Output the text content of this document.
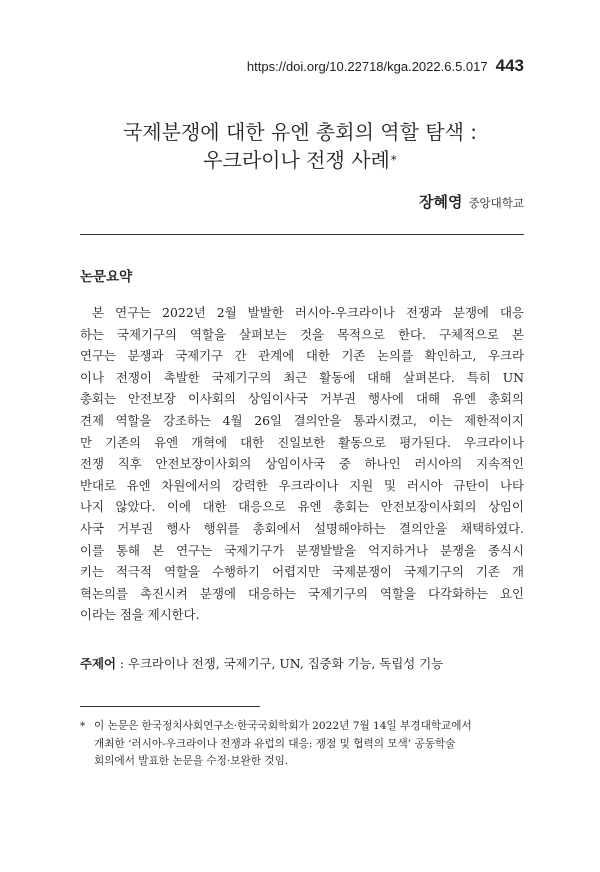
https://doi.org/10.22718/kga.2022.6.5.017 443
국제분쟁에 대한 유엔 총회의 역할 탐색 :
우크라이나 전쟁 사례*
장혜영 중앙대학교
논문요약
본 연구는 2022년 2월 발발한 러시아-우크라이나 전쟁과 분쟁에 대응
하는 국제기구의 역할을 살펴보는 것을 목적으로 한다. 구체적으로 본
연구는 분쟁과 국제기구 간 관계에 대한 기존 논의를 확인하고, 우크라
이나 전쟁이 촉발한 국제기구의 최근 활동에 대해 살펴본다. 특히 UN
총회는 안전보장 이사회의 상임이사국 거부권 행사에 대해 유엔 총회의
견제 역할을 강조하는 4월 26일 결의안을 통과시켰고, 이는 제한적이지
만 기존의 유엔 개혁에 대한 진일보한 활동으로 평가된다. 우크라이나
전쟁 직후 안전보장이사회의 상임이사국 중 하나인 러시아의 지속적인
반대로 유엔 차원에서의 강력한 우크라이나 지원 및 러시아 규탄이 나타
나지 않았다. 이에 대한 대응으로 유엔 총회는 안전보장이사회의 상임이
사국 거부권 행사 행위를 총회에서 설명해야하는 결의안을 채택하였다.
이를 통해 본 연구는 국제기구가 분쟁발발을 억지하거나 분쟁을 종식시
키는 적극적 역할을 수행하기 어렵지만 국제분쟁이 국제기구의 기존 개
혁논의를 촉진시켜 분쟁에 대응하는 국제기구의 역할을 다각화하는 요인
이라는 점을 제시한다.
주제어 : 우크라이나 전쟁, 국제기구, UN, 집중화 기능, 독립성 기능
* 이 논문은 한국정치사회연구소·한국국회학회가 2022년 7월 14일 부경대학교에서
개최한 ‘러시아-우크라이나 전쟁과 유럽의 대응: 쟁점 및 협력의 모색’ 공동학술
회의에서 발표한 논문을 수정·보완한 것임.
